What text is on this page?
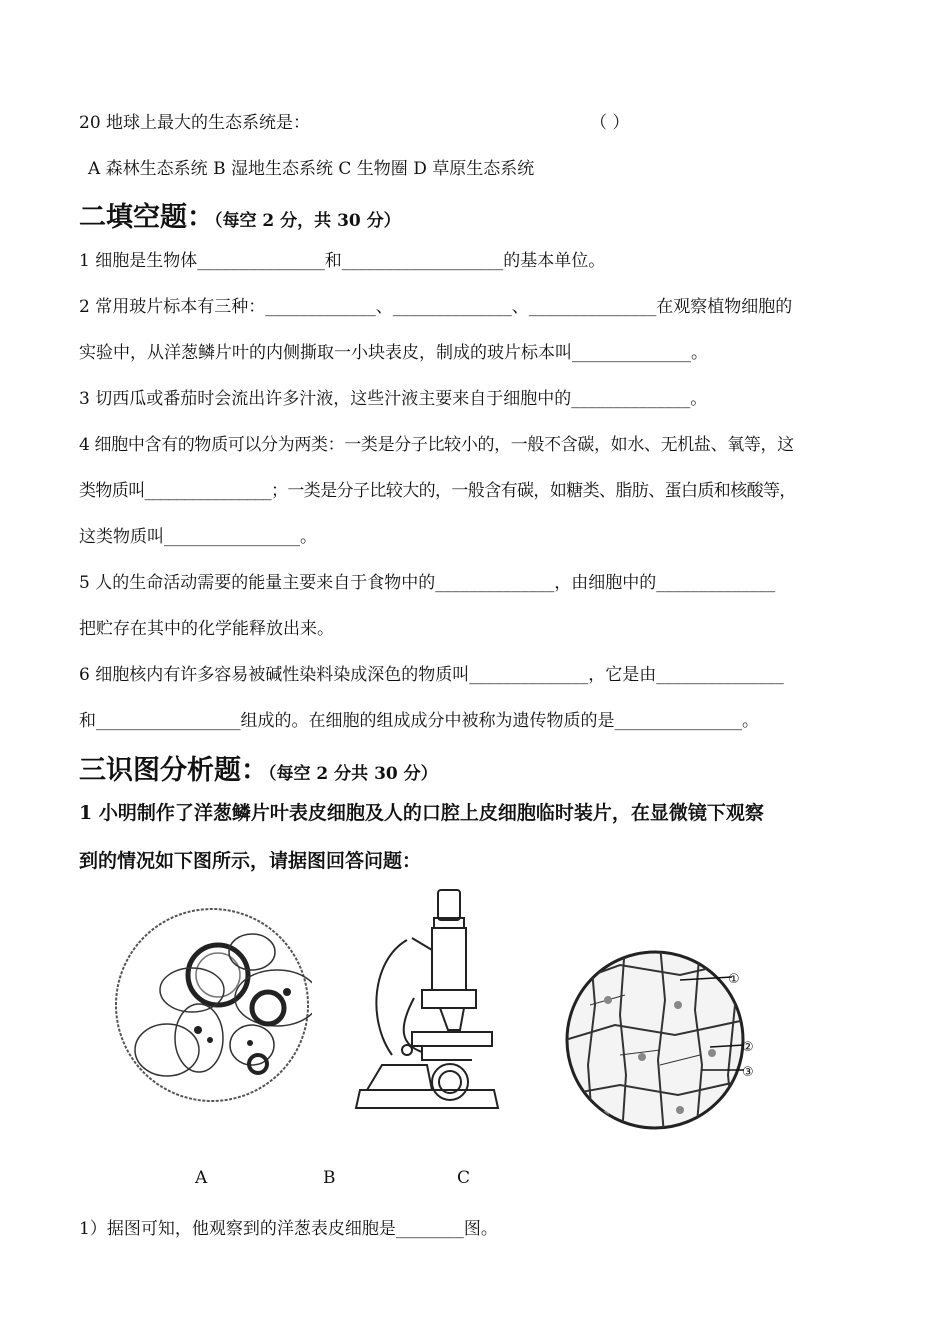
20 地球上最大的生态系统是：	（ ）
A 森林生态系统 B 湿地生态系统 C 生物圈 D 草原生态系统
二填空题：（每空 2 分，共 30 分）
1 细胞是生物体_______________和___________________的基本单位。
2 常用玻片标本有三种：_____________、______________、_______________在观察植物细胞的
实验中，从洋葱鳞片叶的内侧撕取一小块表皮，制成的玻片标本叫______________。
3 切西瓜或番茄时会流出许多汁液，这些汁液主要来自于细胞中的______________。
4 细胞中含有的物质可以分为两类：一类是分子比较小的，一般不含碳，如水、无机盐、氧等，这
类物质叫________________；一类是分子比较大的，一般含有碳，如糖类、脂肪、蛋白质和核酸等，
这类物质叫________________。
5 人的生命活动需要的能量主要来自于食物中的______________，由细胞中的______________
把贮存在其中的化学能释放出来。
6 细胞核内有许多容易被碱性染料染成深色的物质叫______________，它是由_______________
和_________________组成的。在细胞的组成成分中被称为遗传物质的是_______________。
三识图分析题：（每空 2 分共 30 分）
1 小明制作了洋葱鳞片叶表皮细胞及人的口腔上皮细胞临时装片，在显微镜下观察
到的情况如下图所示，请据图回答问题：
①
②
③
A	B	C
1）据图可知，他观察到的洋葱表皮细胞是________图。
